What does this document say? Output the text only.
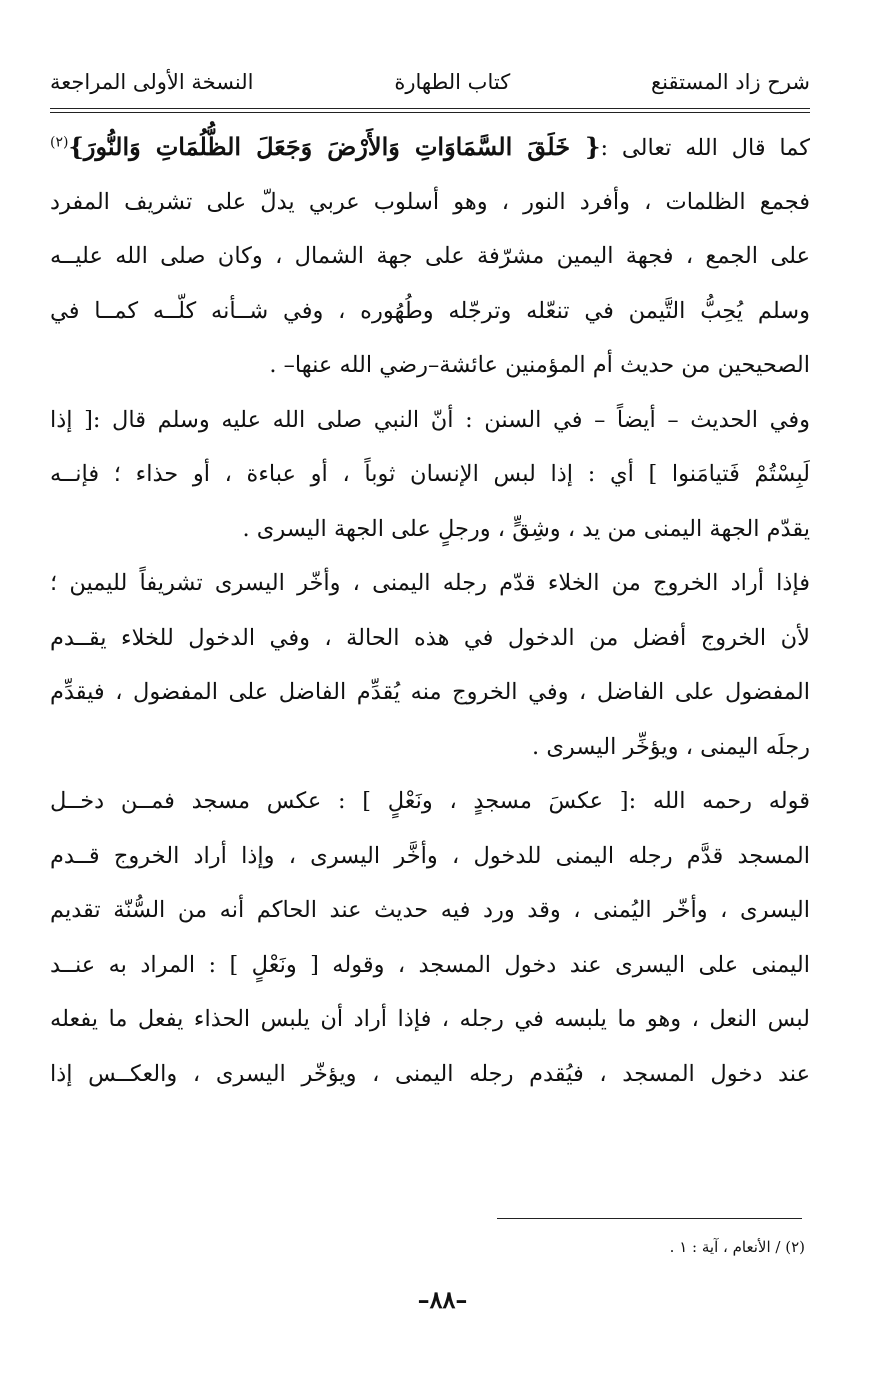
شرح زاد المستقنع
كتاب الطهارة
النسخة الأولى المراجعة
كما قال الله تعالى :{ خَلَقَ السَّمَاوَاتِ وَالأَرْضَ وَجَعَلَ الظُّلُمَاتِ وَالنُّورَ}$^{(٢)}$
فجمع الظلمات ، وأفرد النور ، وهو أسلوب عربي يدلّ على تشريف المفرد
على الجمع ، فجهة اليمين مشرّفة على جهة الشمال ، وكان صلى الله عليــه
وسلم يُحِبُّ التَّيمن في تنعّله وترجّله وطُهُوره ، وفي شــأنه كلّــه كمــا في
الصحيحين من حديث أم المؤمنين عائشة–رضي الله عنها– .
وفي الحديث – أيضاً – في السنن : أنّ النبي صلى الله عليه وسلم قال :[ إذا
لَبِسْتُمْ فَتيامَنوا ] أي : إذا لبس الإنسان ثوباً ، أو عباءة ، أو حذاء ؛ فإنــه
يقدّم الجهة اليمنى من يد ، وشِقٍّ ، ورجلٍ على الجهة اليسرى .
فإذا أراد الخروج من الخلاء قدّم رجله اليمنى ، وأخّر اليسرى تشريفاً لليمين ؛
لأن الخروج أفضل من الدخول في هذه الحالة ، وفي الدخول للخلاء يقــدم
المفضول على الفاضل ، وفي الخروج منه يُقدِّم الفاضل على المفضول ، فيقدِّم
رجلَه اليمنى ، ويؤخِّر اليسرى .
قوله رحمه الله :[ عكسَ مسجدٍ ، ونَعْلٍ ] : عكس مسجد فمــن دخــل
المسجد قدَّم رجله اليمنى للدخول ، وأخَّر اليسرى ، وإذا أراد الخروج قــدم
اليسرى ، وأخّر اليُمنى ، وقد ورد فيه حديث عند الحاكم أنه من السُّنّة تقديم
اليمنى على اليسرى عند دخول المسجد ، وقوله [ ونَعْلٍ ] : المراد به عنــد
لبس النعل ، وهو ما يلبسه في رجله ، فإذا أراد أن يلبس الحذاء يفعل ما يفعله
عند دخول المسجد ، فيُقدم رجله اليمنى ، ويؤخّر اليسرى ، والعكــس إذا
(٢) / الأنعام ، آية : ١ .
–٨٨–
